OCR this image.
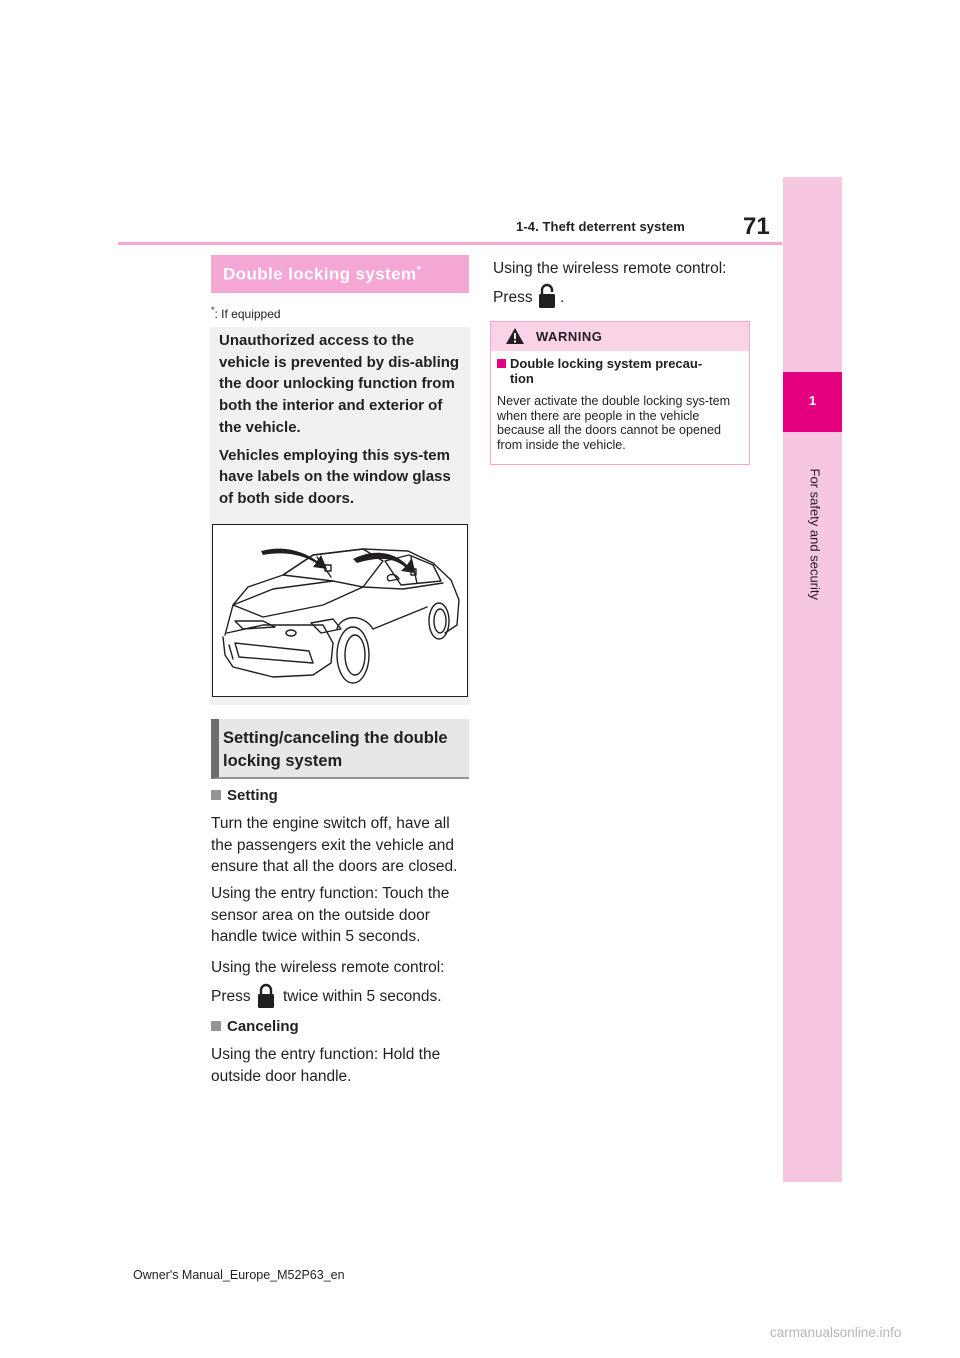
1-4. Theft deterrent system 71
1
For safety and security
Double locking system*
*: If equipped

Unauthorized access to the vehicle is prevented by dis-abling the door unlocking function from both the interior and exterior of the vehicle.

Vehicles employing this sys-tem have labels on the window glass of both side doors.

Setting/canceling the double locking system
Setting
Turn the engine switch off, have all the passengers exit the vehicle and ensure that all the doors are closed.
Using the entry function: Touch the sensor area on the outside door handle twice within 5 seconds.
Using the wireless remote control:
Press twice within 5 seconds.
Canceling
Using the entry function: Hold the outside door handle.
Using the wireless remote control:
Press .
WARNING
Double locking system precau-
tion
Never activate the double locking sys-tem when there are people in the vehicle because all the doors cannot be opened from inside the vehicle.
Owner's Manual_Europe_M52P63_en
carmanualsonline.info
